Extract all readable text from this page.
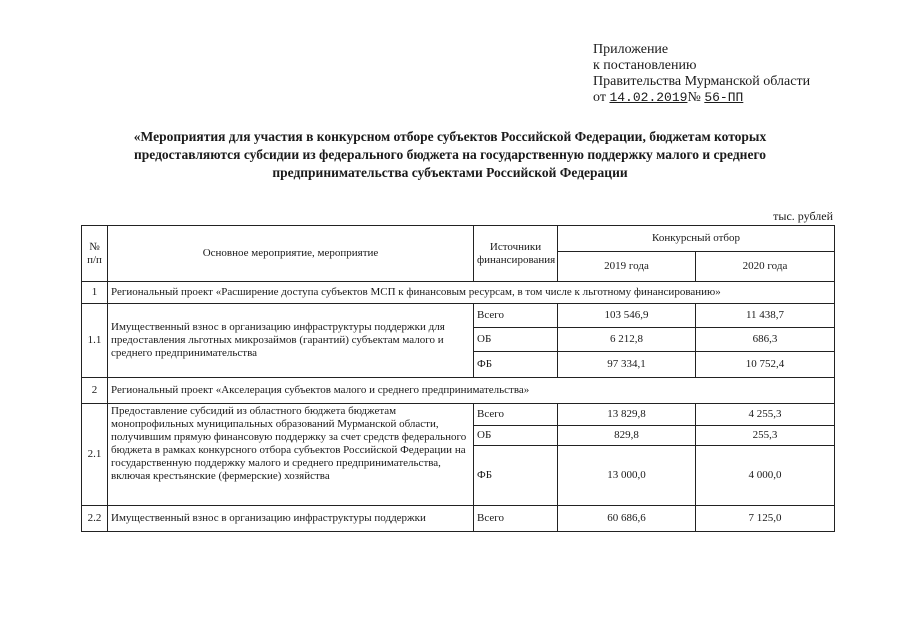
Приложение
к постановлению
Правительства Мурманской области
от 14.02.2019№ 56-ПП
«Мероприятия для участия в конкурсном отборе субъектов Российской Федерации, бюджетам которых
предоставляются субсидии из федерального бюджета на государственную поддержку малого и среднего
предпринимательства субъектами Российской Федерации
тыс. рублей
№ п/п	Основное мероприятие, мероприятие	Источники финансирования	Конкурсный отбор	
			2019 года	2020 года
1	Региональный проект «Расширение доступа субъектов МСП к финансовым ресурсам, в том числе к льготному финансированию»			
1.1	Имущественный взнос в организацию инфраструктуры поддержки для предоставления льготных микрозаймов (гарантий) субъектам малого и среднего предпринимательства	Всего	103 546,9	11 438,7
		ОБ	6 212,8	686,3
		ФБ	97 334,1	10 752,4
2	Региональный проект «Акселерация субъектов малого и среднего предпринимательства»			
2.1	Предоставление субсидий из областного бюджета бюджетам монопрофильных муниципальных образований Мурманской области, получившим прямую финансовую поддержку за счет средств федерального бюджета в рамках конкурсного отбора субъектов Российской Федерации на государственную поддержку малого и среднего предпринимательства, включая крестьянские (фермерские) хозяйства	Всего	13 829,8	4 255,3
		ОБ	829,8	255,3
		ФБ	13 000,0	4 000,0
2.2	Имущественный взнос в организацию инфраструктуры поддержки	Всего	60 686,6	7 125,0
